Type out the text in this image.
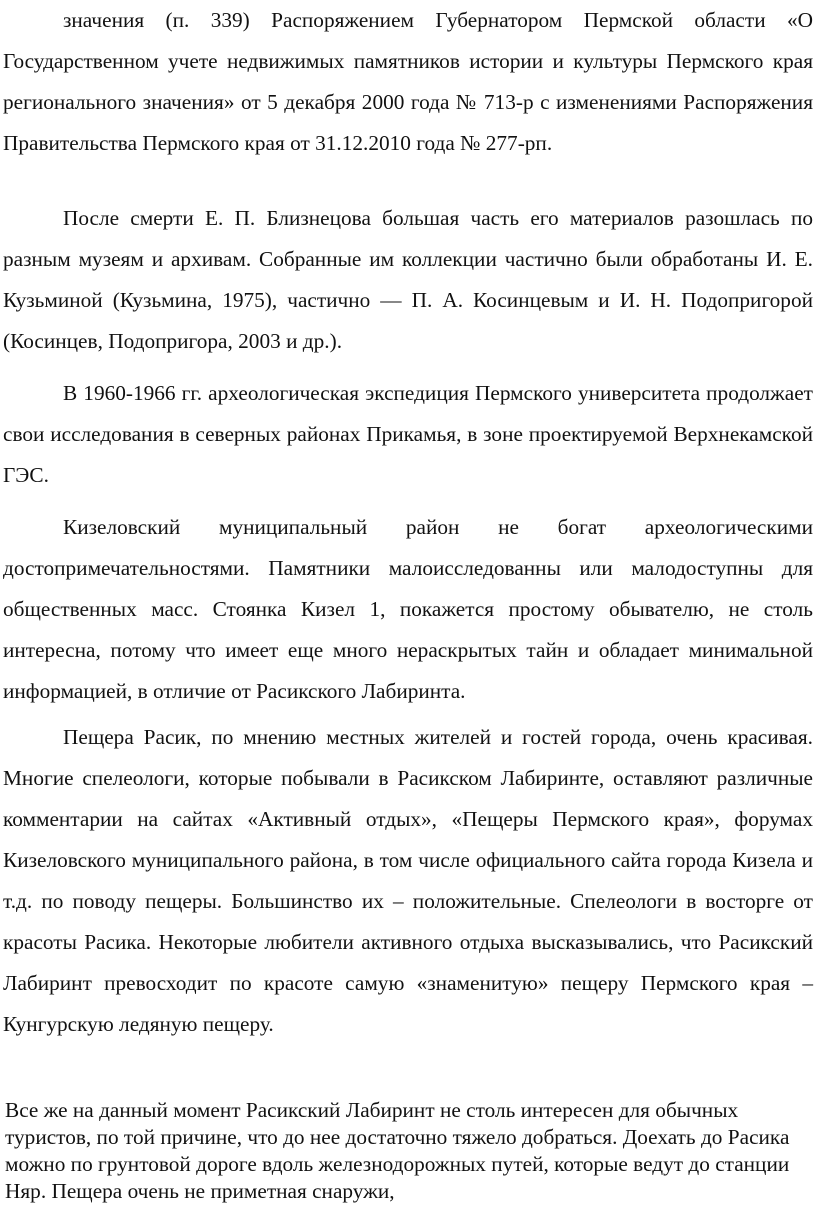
значения (п. 339) Распоряжением Губернатором Пермской области «О Государственном учете недвижимых памятников истории и культуры Пермского края регионального значения» от 5 декабря 2000 года № 713-р с изменениями Распоряжения Правительства Пермского края от 31.12.2010 года № 277-рп.

После смерти Е. П. Близнецова большая часть его материалов разошлась по разным музеям и архивам. Собранные им коллекции частично были обработаны И. Е. Кузьминой (Кузьмина, 1975), частично — П. А. Косинцевым и И. Н. Подопригорой (Косинцев, Подопригора, 2003 и др.).

В 1960-1966 гг. археологическая экспедиция Пермского университета продолжает свои исследования в северных районах Прикамья, в зоне проектируемой Верхнекамской ГЭС.

Кизеловский муниципальный район не богат археологическими достопримечательностями. Памятники малоисследованны или малодоступны для общественных масс. Стоянка Кизел 1, покажется простому обывателю, не столь интересна, потому что имеет еще много нераскрытых тайн и обладает минимальной информацией, в отличие от Расикского Лабиринта.

Пещера Расик, по мнению местных жителей и гостей города, очень красивая. Многие спелеологи, которые побывали в Расикском Лабиринте, оставляют различные комментарии на сайтах «Активный отдых», «Пещеры Пермского края», форумах Кизеловского муниципального района, в том числе официального сайта города Кизела и т.д. по поводу пещеры. Большинство их – положительные. Спелеологи в восторге от красоты Расика. Некоторые любители активного отдыха высказывались, что Расикский Лабиринт превосходит по красоте самую «знаменитую» пещеру Пермского края – Кунгурскую ледяную пещеру.

Все же на данный момент Расикский Лабиринт не столь интересен для обычных туристов, по той причине, что до нее достаточно тяжело добраться. Доехать до Расика можно по грунтовой дороге вдоль железнодорожных путей, которые ведут до станции Няр. Пещера очень не приметная снаружи,
